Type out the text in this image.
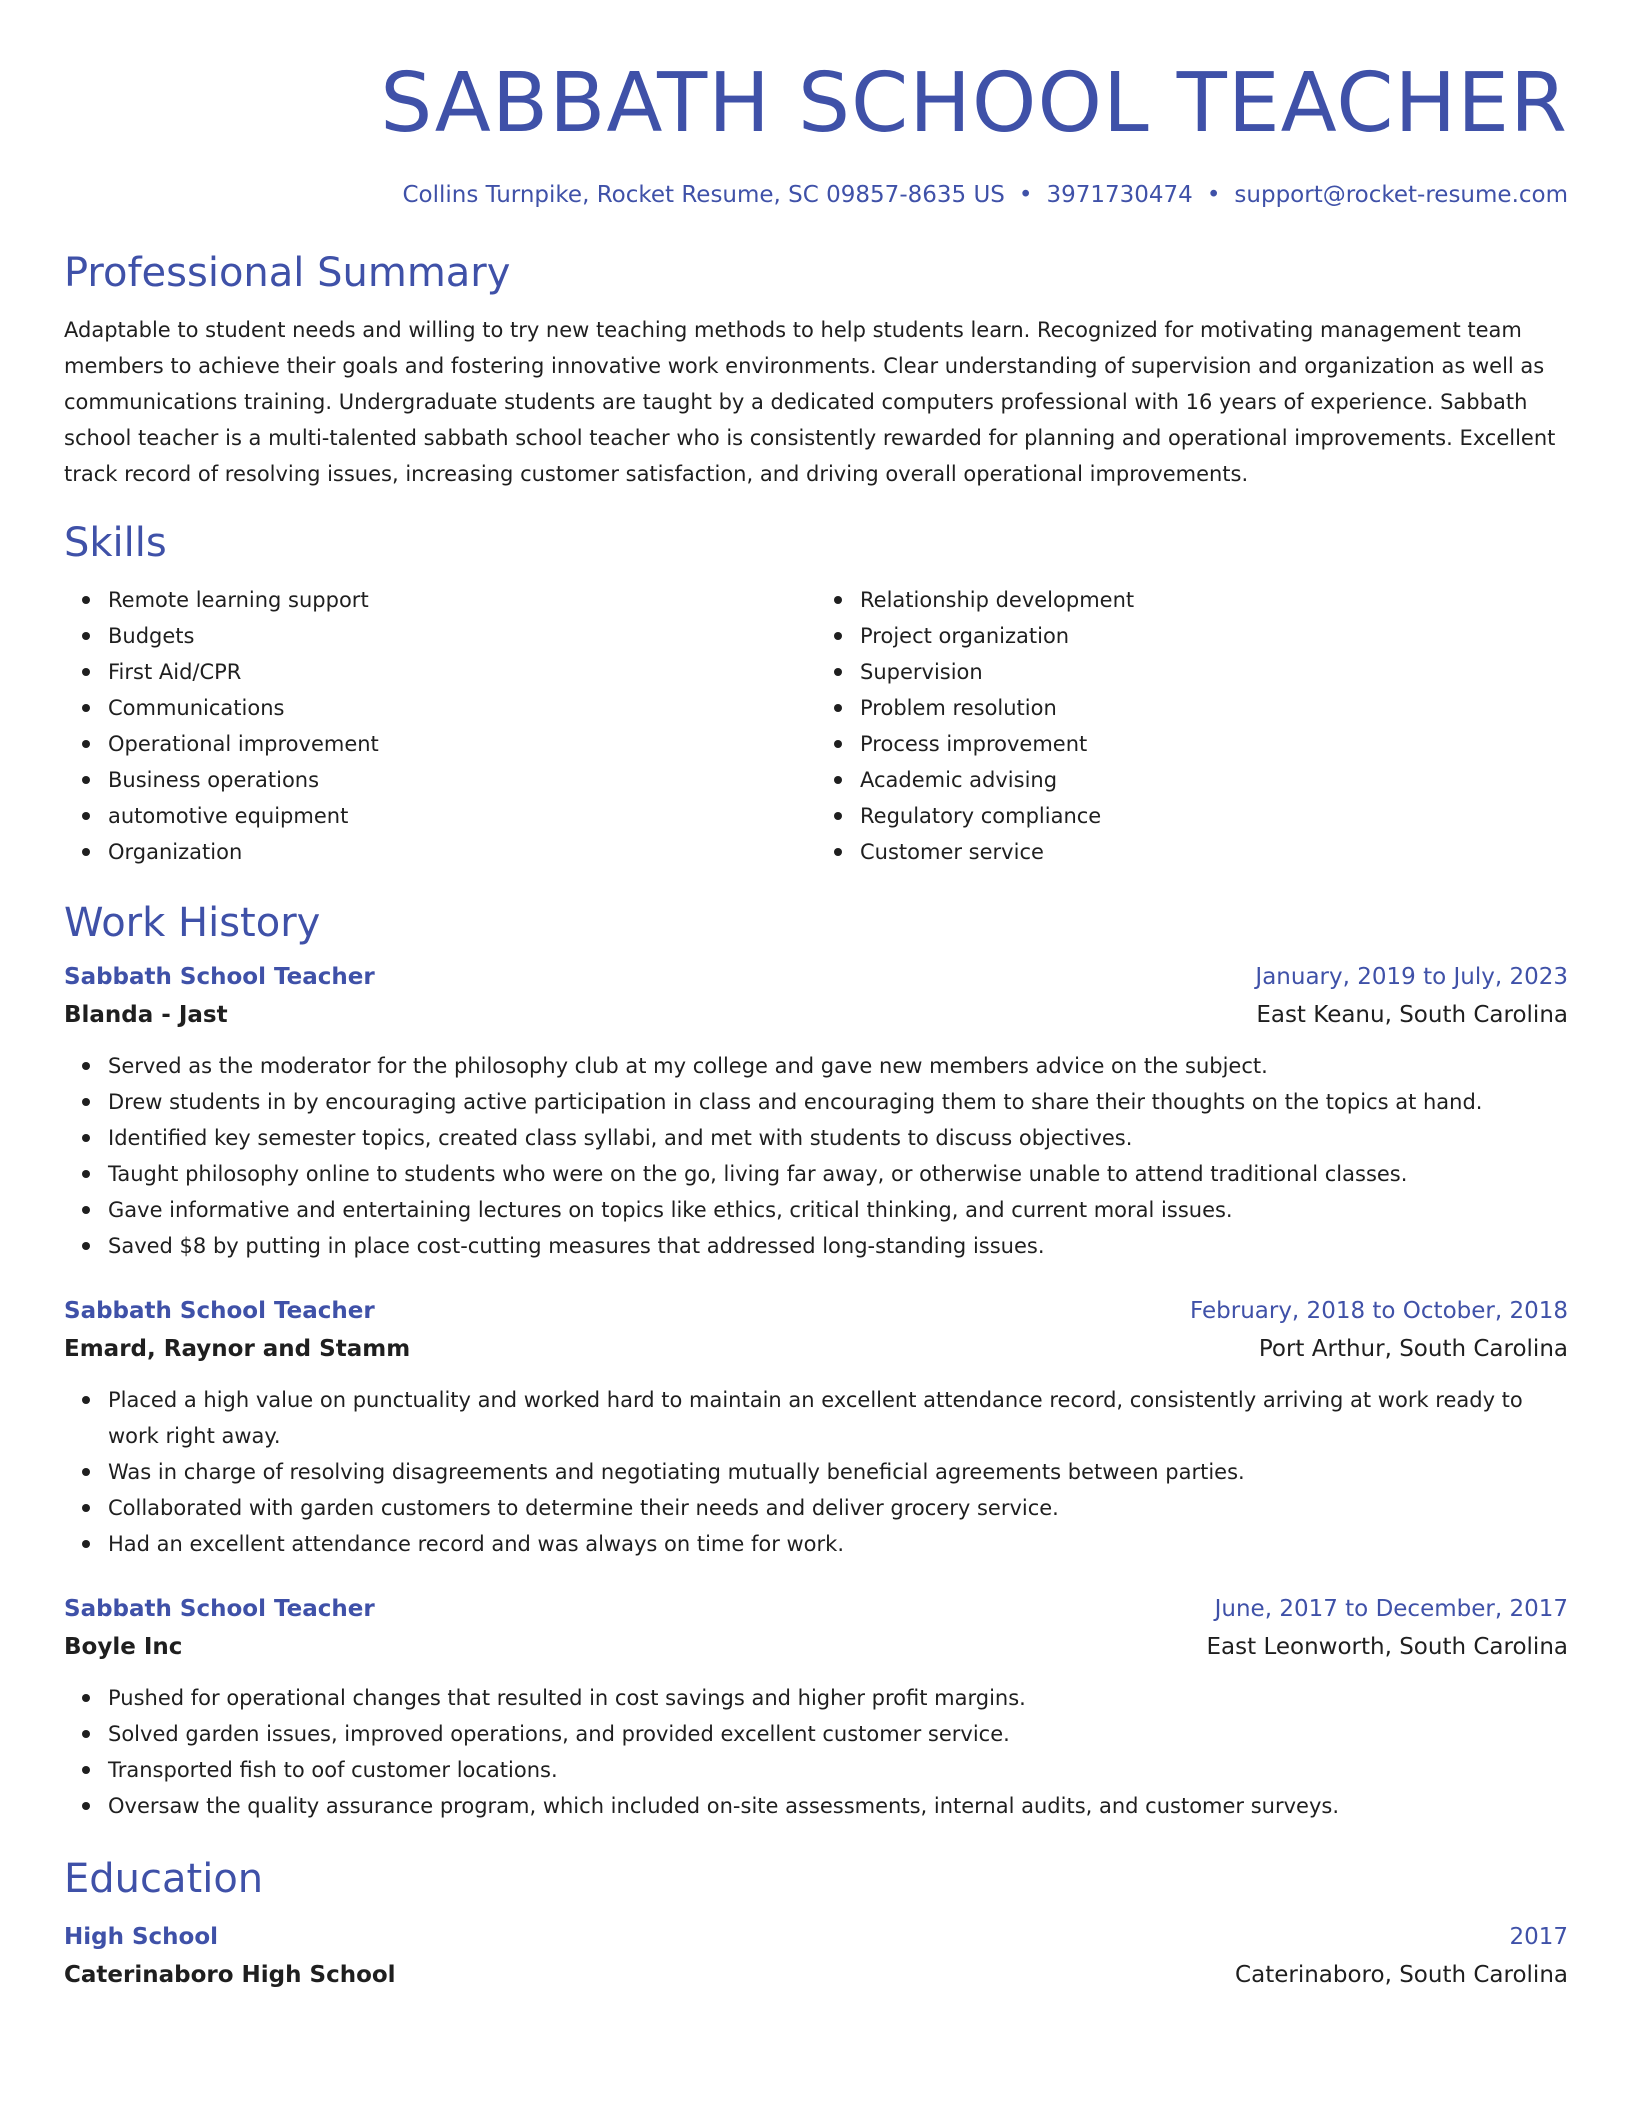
SABBATH SCHOOL TEACHER
Collins Turnpike, Rocket Resume, SC 09857-8635 US • 3971730474 • support@rocket-resume.com
Professional Summary
Adaptable to student needs and willing to try new teaching methods to help students learn. Recognized for motivating management team members to achieve their goals and fostering innovative work environments. Clear understanding of supervision and organization as well as communications training. Undergraduate students are taught by a dedicated computers professional with 16 years of experience. Sabbath school teacher is a multi-talented sabbath school teacher who is consistently rewarded for planning and operational improvements. Excellent track record of resolving issues, increasing customer satisfaction, and driving overall operational improvements.
Skills
Remote learning support
Budgets
First Aid/CPR
Communications
Operational improvement
Business operations
automotive equipment
Organization
Relationship development
Project organization
Supervision
Problem resolution
Process improvement
Academic advising
Regulatory compliance
Customer service
Work History
Sabbath School Teacher	January, 2019 to July, 2023
Blanda - Jast	East Keanu, South Carolina
Served as the moderator for the philosophy club at my college and gave new members advice on the subject.
Drew students in by encouraging active participation in class and encouraging them to share their thoughts on the topics at hand.
Identified key semester topics, created class syllabi, and met with students to discuss objectives.
Taught philosophy online to students who were on the go, living far away, or otherwise unable to attend traditional classes.
Gave informative and entertaining lectures on topics like ethics, critical thinking, and current moral issues.
Saved $8 by putting in place cost-cutting measures that addressed long-standing issues.
Sabbath School Teacher	February, 2018 to October, 2018
Emard, Raynor and Stamm	Port Arthur, South Carolina
Placed a high value on punctuality and worked hard to maintain an excellent attendance record, consistently arriving at work ready to work right away.
Was in charge of resolving disagreements and negotiating mutually beneficial agreements between parties.
Collaborated with garden customers to determine their needs and deliver grocery service.
Had an excellent attendance record and was always on time for work.
Sabbath School Teacher	June, 2017 to December, 2017
Boyle Inc	East Leonworth, South Carolina
Pushed for operational changes that resulted in cost savings and higher profit margins.
Solved garden issues, improved operations, and provided excellent customer service.
Transported fish to oof customer locations.
Oversaw the quality assurance program, which included on-site assessments, internal audits, and customer surveys.
Education
High School	2017
Caterinaboro High School	Caterinaboro, South Carolina
